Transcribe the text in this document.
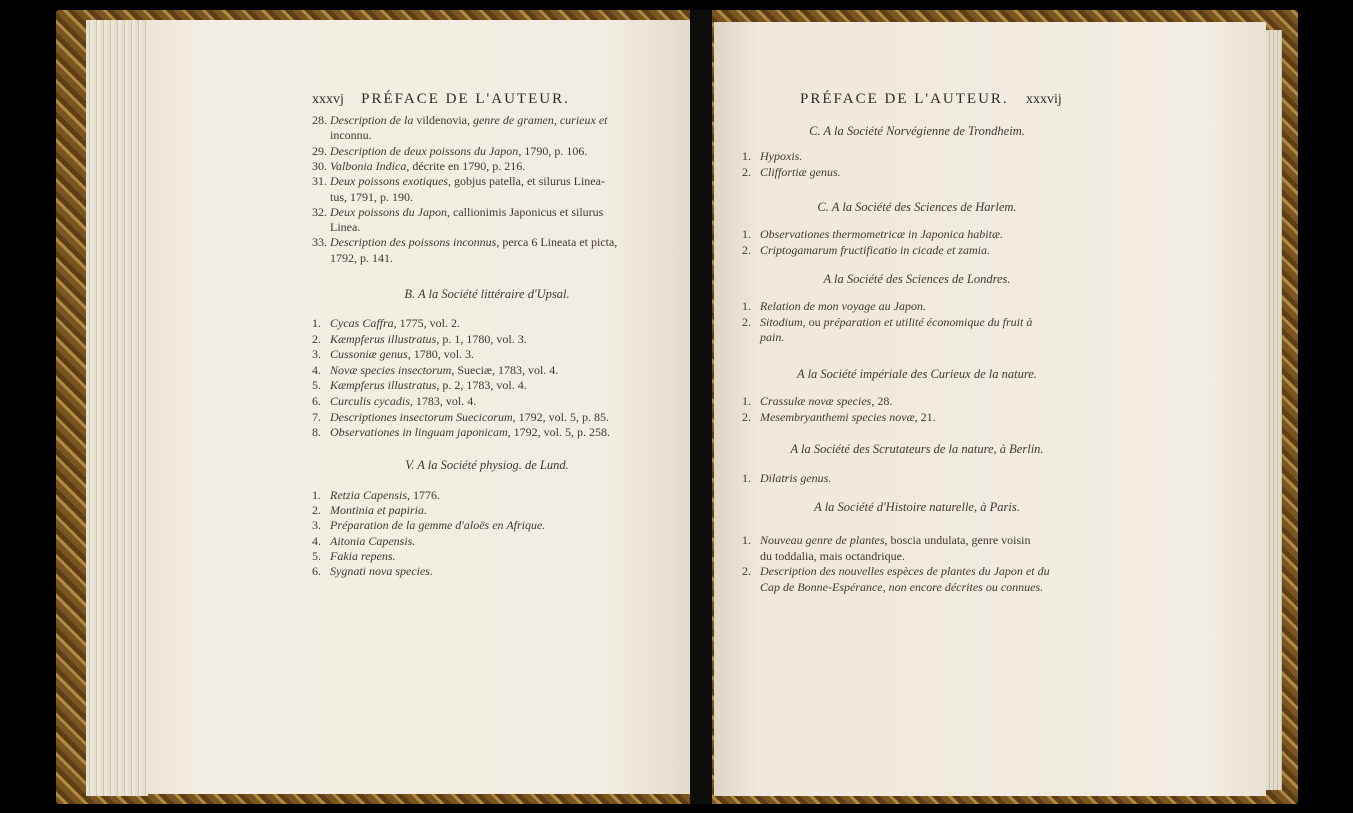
xxxvj PRÉFACE DE L'AUTEUR.
28. Description de la vildenovia, genre de gramen, curieux et
inconnu.
29. Description de deux poissons du Japon, 1790, p. 106.
30. Valbonia Indica, décrite en 1790, p. 216.
31. Deux poissons exotiques, gobjus patella, et silurus Linea-
tus, 1791, p. 190.
32. Deux poissons du Japon, callionimis Japonicus et silurus
Linea.
33. Description des poissons inconnus, perca 6 Lineata et picta,
1792, p. 141.
B. A la Société littéraire d'Upsal.
1. Cycas Caffra, 1775, vol. 2.
2. Kæmpferus illustratus, p. 1, 1780, vol. 3.
3. Cussoniæ genus, 1780, vol. 3.
4. Novæ species insectorum, Sueciæ, 1783, vol. 4.
5. Kæmpferus illustratus, p. 2, 1783, vol. 4.
6. Curculis cycadis, 1783, vol. 4.
7. Descriptiones insectorum Suecicorum, 1792, vol. 5, p. 85.
8. Observationes in linguam japonicam, 1792, vol. 5, p. 258.
V. A la Société physiog. de Lund.
1. Retzia Capensis, 1776.
2. Montinia et papiria.
3. Préparation de la gemme d'aloës en Afrique.
4. Aitonia Capensis.
5. Fakia repens.
6. Sygnati nova species.
PRÉFACE DE L'AUTEUR. xxxvij
C. A la Société Norvégienne de Trondheim.
1. Hypoxis.
2. Cliffortiæ genus.
C. A la Société des Sciences de Harlem.
1. Observationes thermometricæ in Japonica habitæ.
2. Criptogamarum fructificatio in cicade et zamia.
A la Société des Sciences de Londres.
1. Relation de mon voyage au Japon.
2. Sitodium, ou préparation et utilité économique du fruit à
pain.
A la Société impériale des Curieux de la nature.
1. Crassulæ novæ species, 28.
2. Mesembryanthemi species novæ, 21.
A la Société des Scrutateurs de la nature, à Berlin.
1. Dilatris genus.
A la Société d'Histoire naturelle, à Paris.
1. Nouveau genre de plantes, boscia undulata, genre voisin
du toddalia, mais octandrique.
2. Description des nouvelles espèces de plantes du Japon et du
Cap de Bonne-Espérance, non encore décrites ou connues.
